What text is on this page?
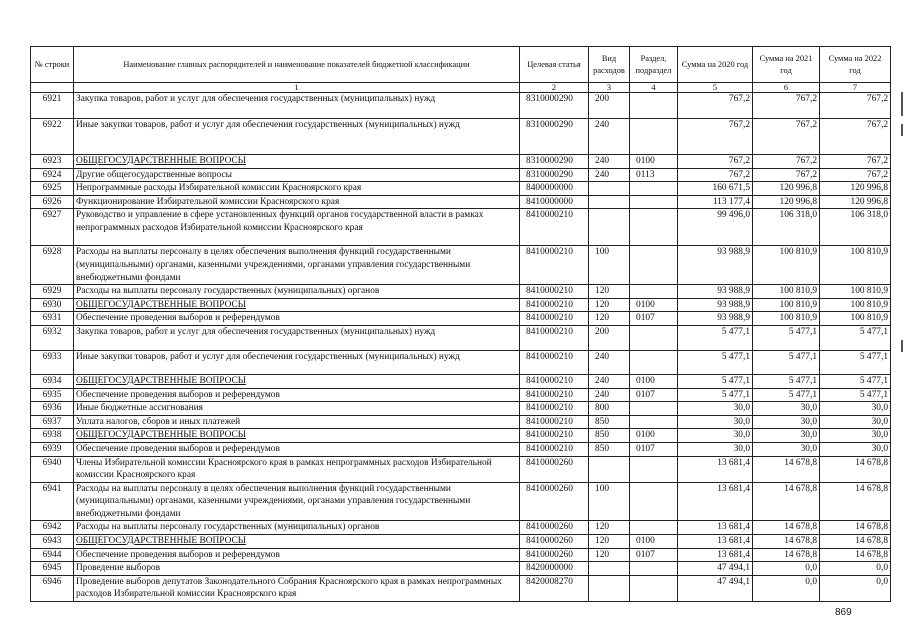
№ строки	Наименование главных распорядителей и наименование показателей бюджетной классификации	Целевая статья	Вид расходов	Раздел, подраздел	Сумма на 2020 год	Сумма на 2021 год	Сумма на 2022 год
	1	2	3	4	5	6	7
6921	Закупка товаров, работ и услуг для обеспечения государственных (муниципальных) нужд	8310000290	200		767,2	767,2	767,2
6922	Иные закупки товаров, работ и услуг для обеспечения государственных (муниципальных) нужд	8310000290	240		767,2	767,2	767,2
6923	ОБЩЕГОСУДАРСТВЕННЫЕ ВОПРОСЫ	8310000290	240	0100	767,2	767,2	767,2
6924	Другие общегосударственные вопросы	8310000290	240	0113	767,2	767,2	767,2
6925	Непрограммные расходы Избирательной комиссии Красноярского края	8400000000			160 671,5	120 996,8	120 996,8
6926	Функционирование Избирательной комиссии Красноярского края	8410000000			113 177,4	120 996,8	120 996,8
6927	Руководство и управление в сфере установленных функций органов государственной власти в рамках непрограммных расходов Избирательной комиссии Красноярского края	8410000210			99 496,0	106 318,0	106 318,0
6928	Расходы на выплаты персоналу в целях обеспечения выполнения функций государственными (муниципальными) органами, казенными учреждениями, органами управления государственными внебюджетными фондами	8410000210	100		93 988,9	100 810,9	100 810,9
6929	Расходы на выплаты персоналу государственных (муниципальных) органов	8410000210	120		93 988,9	100 810,9	100 810,9
6930	ОБЩЕГОСУДАРСТВЕННЫЕ ВОПРОСЫ	8410000210	120	0100	93 988,9	100 810,9	100 810,9
6931	Обеспечение проведения выборов и референдумов	8410000210	120	0107	93 988,9	100 810,9	100 810,9
6932	Закупка товаров, работ и услуг для обеспечения государственных (муниципальных) нужд	8410000210	200		5 477,1	5 477,1	5 477,1
6933	Иные закупки товаров, работ и услуг для обеспечения государственных (муниципальных) нужд	8410000210	240		5 477,1	5 477,1	5 477,1
6934	ОБЩЕГОСУДАРСТВЕННЫЕ ВОПРОСЫ	8410000210	240	0100	5 477,1	5 477,1	5 477,1
6935	Обеспечение проведения выборов и референдумов	8410000210	240	0107	5 477,1	5 477,1	5 477,1
6936	Иные бюджетные ассигнования	8410000210	800		30,0	30,0	30,0
6937	Уплата налогов, сборов и иных платежей	8410000210	850		30,0	30,0	30,0
6938	ОБЩЕГОСУДАРСТВЕННЫЕ ВОПРОСЫ	8410000210	850	0100	30,0	30,0	30,0
6939	Обеспечение проведения выборов и референдумов	8410000210	850	0107	30,0	30,0	30,0
6940	Члены Избирательной комиссии Красноярского края в рамках непрограммных расходов Избирательной комиссии Красноярского края	8410000260			13 681,4	14 678,8	14 678,8
6941	Расходы на выплаты персоналу в целях обеспечения выполнения функций государственными (муниципальными) органами, казенными учреждениями, органами управления государственными внебюджетными фондами	8410000260	100		13 681,4	14 678,8	14 678,8
6942	Расходы на выплаты персоналу государственных (муниципальных) органов	8410000260	120		13 681,4	14 678,8	14 678,8
6943	ОБЩЕГОСУДАРСТВЕННЫЕ ВОПРОСЫ	8410000260	120	0100	13 681,4	14 678,8	14 678,8
6944	Обеспечение проведения выборов и референдумов	8410000260	120	0107	13 681,4	14 678,8	14 678,8
6945	Проведение выборов	8420000000			47 494,1	0,0	0,0
6946	Проведение выборов депутатов Законодательного Собрания Красноярского края в рамках непрограммных расходов Избирательной комиссии Красноярского края	8420008270			47 494,1	0,0	0,0
869
